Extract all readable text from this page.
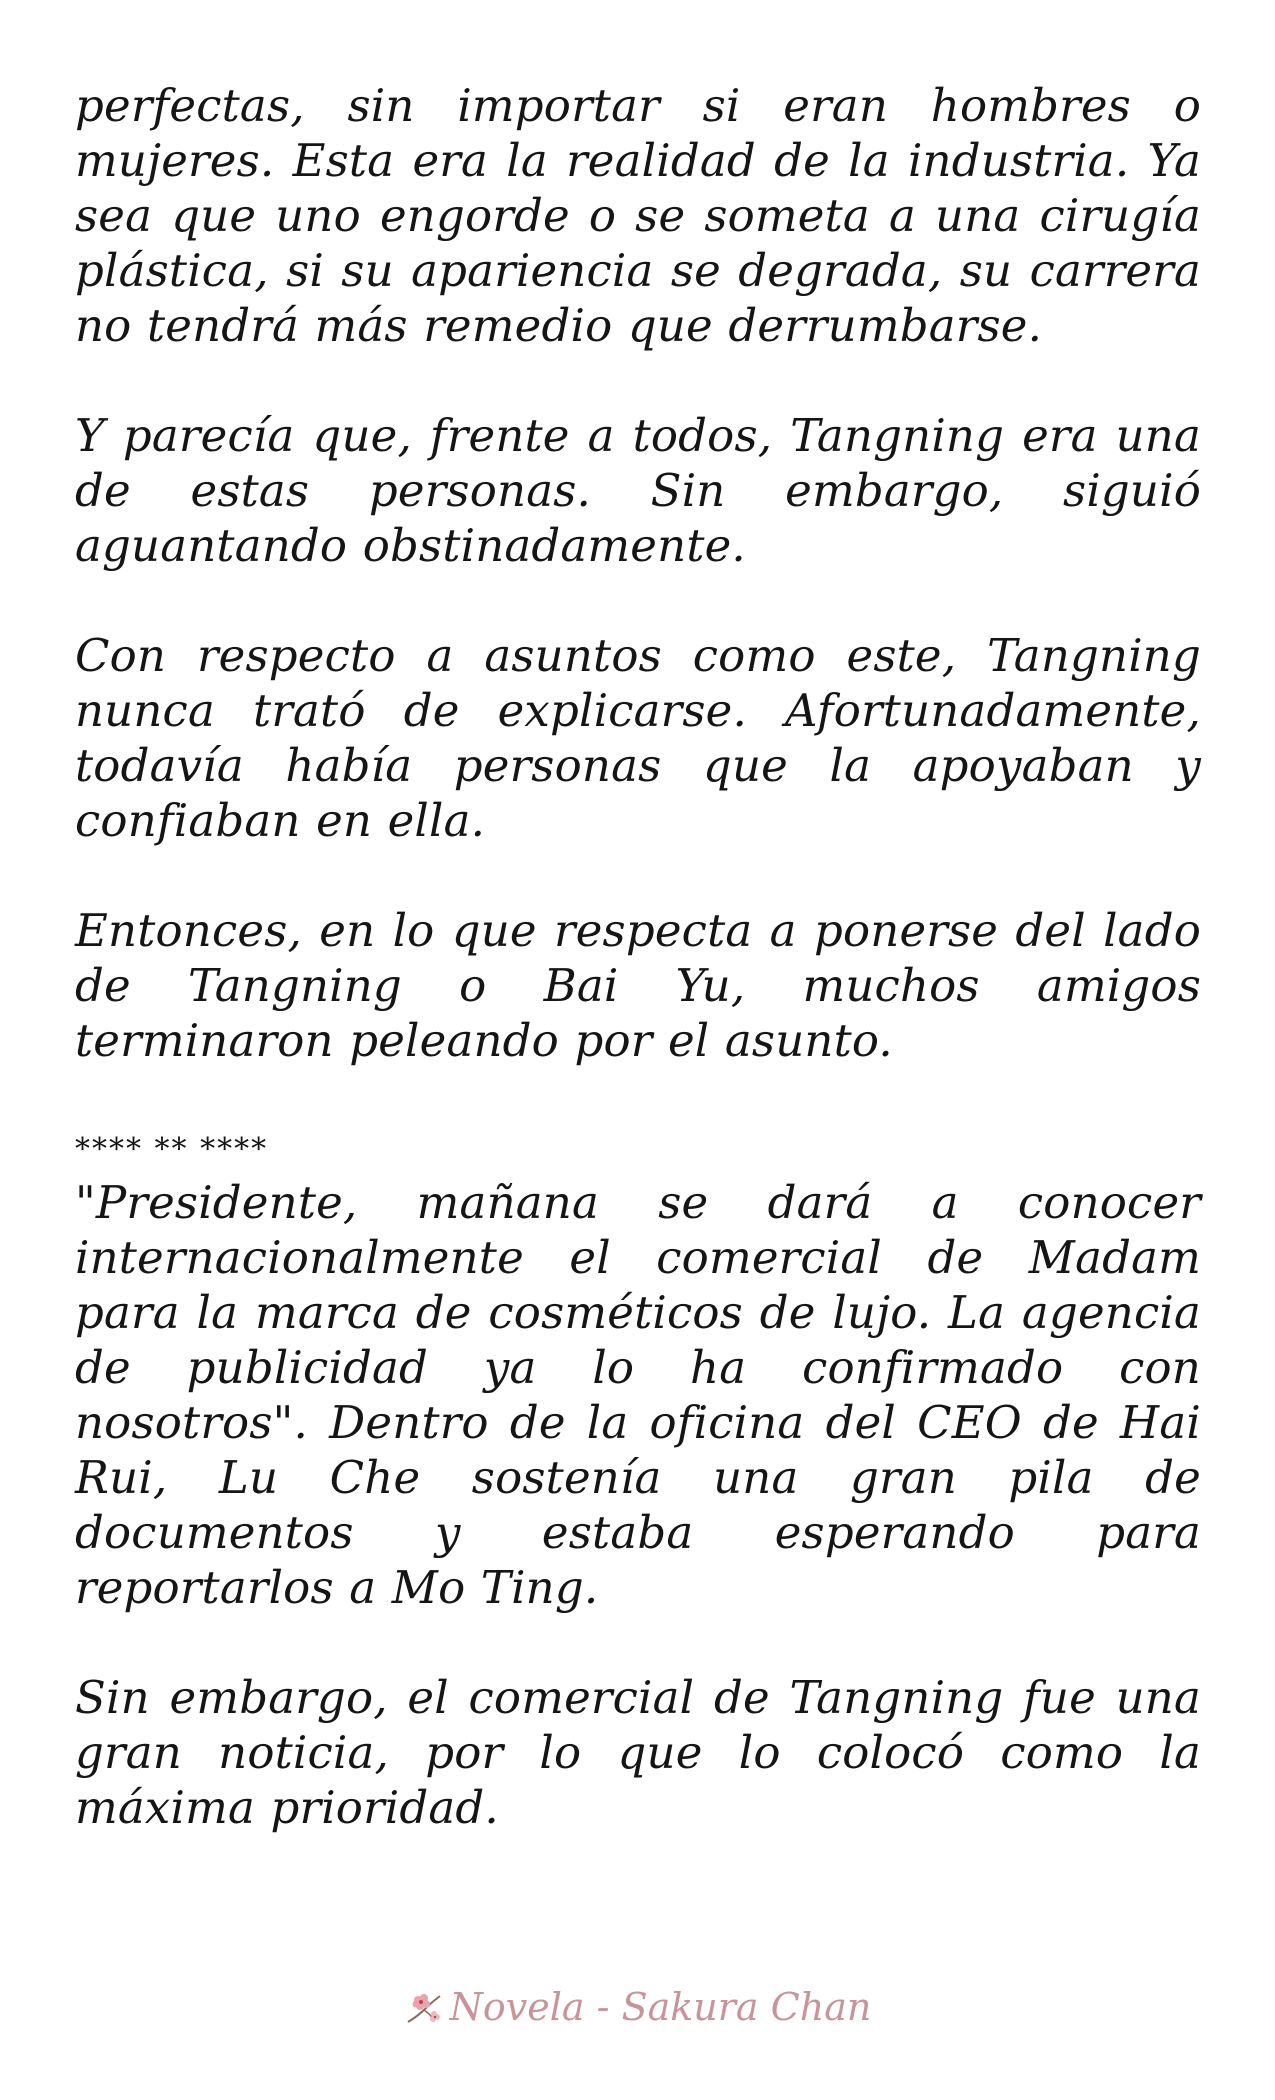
perfectas, sin importar si eran hombres o mujeres. Esta era la realidad de la industria. Ya sea que uno engorde o se someta a una cirugía plástica, si su apariencia se degrada, su carrera no tendrá más remedio que derrumbarse.

Y parecía que, frente a todos, Tangning era una de estas personas. Sin embargo, siguió aguantando obstinadamente.

Con respecto a asuntos como este, Tangning nunca trató de explicarse. Afortunadamente, todavía había personas que la apoyaban y confiaban en ella.

Entonces, en lo que respecta a ponerse del lado de Tangning o Bai Yu, muchos amigos terminaron peleando por el asunto.

**** ** ****

"Presidente, mañana se dará a conocer internacionalmente el comercial de Madam para la marca de cosméticos de lujo. La agencia de publicidad ya lo ha confirmado con nosotros". Dentro de la oficina del CEO de Hai Rui, Lu Che sostenía una gran pila de documentos y estaba esperando para reportarlos a Mo Ting.

Sin embargo, el comercial de Tangning fue una gran noticia, por lo que lo colocó como la máxima prioridad.

Novela - Sakura Chan
